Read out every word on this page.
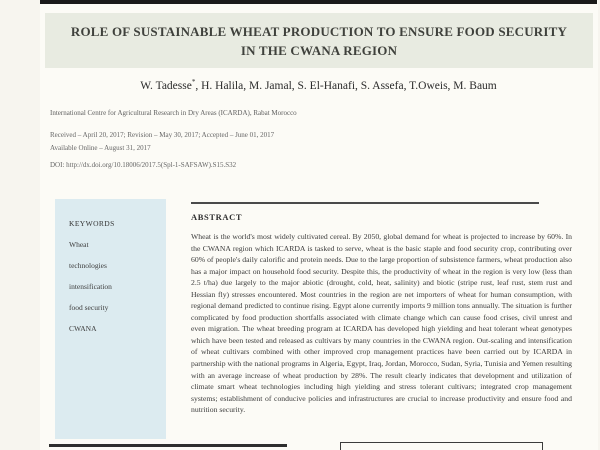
ROLE OF SUSTAINABLE WHEAT PRODUCTION TO ENSURE FOOD SECURITY IN THE CWANA REGION
W. Tadesse*, H. Halila, M. Jamal, S. El-Hanafi, S. Assefa, T.Oweis, M. Baum
International Centre for Agricultural Research in Dry Areas (ICARDA), Rabat Morocco
Received – April 20, 2017; Revision – May 30, 2017; Accepted – June 01, 2017
Available Online – August 31, 2017
DOI: http://dx.doi.org/10.18006/2017.5(Spl-1-SAFSAW).S15.S32
KEYWORDS
Wheat
technologies
intensification
food security
CWANA
ABSTRACT
Wheat is the world's most widely cultivated cereal. By 2050, global demand for wheat is projected to increase by 60%. In the CWANA region which ICARDA is tasked to serve, wheat is the basic staple and food security crop, contributing over 60% of people's daily calorific and protein needs. Due to the large proportion of subsistence farmers, wheat production also has a major impact on household food security. Despite this, the productivity of wheat in the region is very low (less than 2.5 t/ha) due largely to the major abiotic (drought, cold, heat, salinity) and biotic (stripe rust, leaf rust, stem rust and Hessian fly) stresses encountered. Most countries in the region are net importers of wheat for human consumption, with regional demand predicted to continue rising. Egypt alone currently imports 9 million tons annually. The situation is further complicated by food production shortfalls associated with climate change which can cause food crises, civil unrest and even migration. The wheat breeding program at ICARDA has developed high yielding and heat tolerant wheat genotypes which have been tested and released as cultivars by many countries in the CWANA region. Out-scaling and intensification of wheat cultivars combined with other improved crop management practices have been carried out by ICARDA in partnership with the national programs in Algeria, Egypt, Iraq, Jordan, Morocco, Sudan, Syria, Tunisia and Yemen resulting with an average increase of wheat production by 28%. The result clearly indicates that development and utilization of climate smart wheat technologies including high yielding and stress tolerant cultivars; integrated crop management systems; establishment of conducive policies and infrastructures are crucial to increase productivity and ensure food and nutrition security.
